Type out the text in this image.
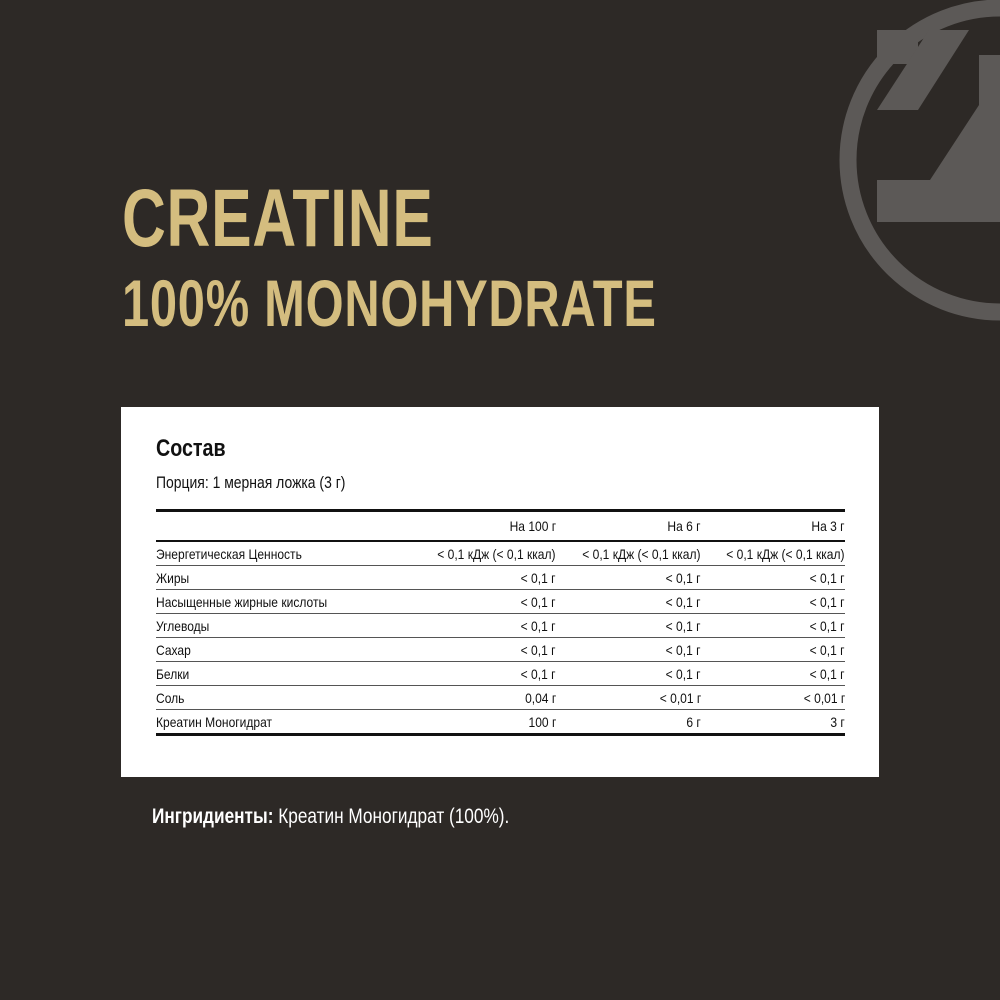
CREATINE
100% MONOHYDRATE
Состав
Порция: 1 мерная ложка (3 г)
	На 100 г	На 6 г	На 3 г
Энергетическая Ценность	< 0,1 кДж (< 0,1 ккал)	< 0,1 кДж (< 0,1 ккал)	< 0,1 кДж (< 0,1 ккал)
Жиры	< 0,1 г	< 0,1 г	< 0,1 г
Насыщенные жирные кислоты	< 0,1 г	< 0,1 г	< 0,1 г
Углеводы	< 0,1 г	< 0,1 г	< 0,1 г
Сахар	< 0,1 г	< 0,1 г	< 0,1 г
Белки	< 0,1 г	< 0,1 г	< 0,1 г
Соль	0,04 г	< 0,01 г	< 0,01 г
Креатин Моногидрат	100 г	6 г	3 г
Ингридиенты: Креатин Моногидрат (100%).
